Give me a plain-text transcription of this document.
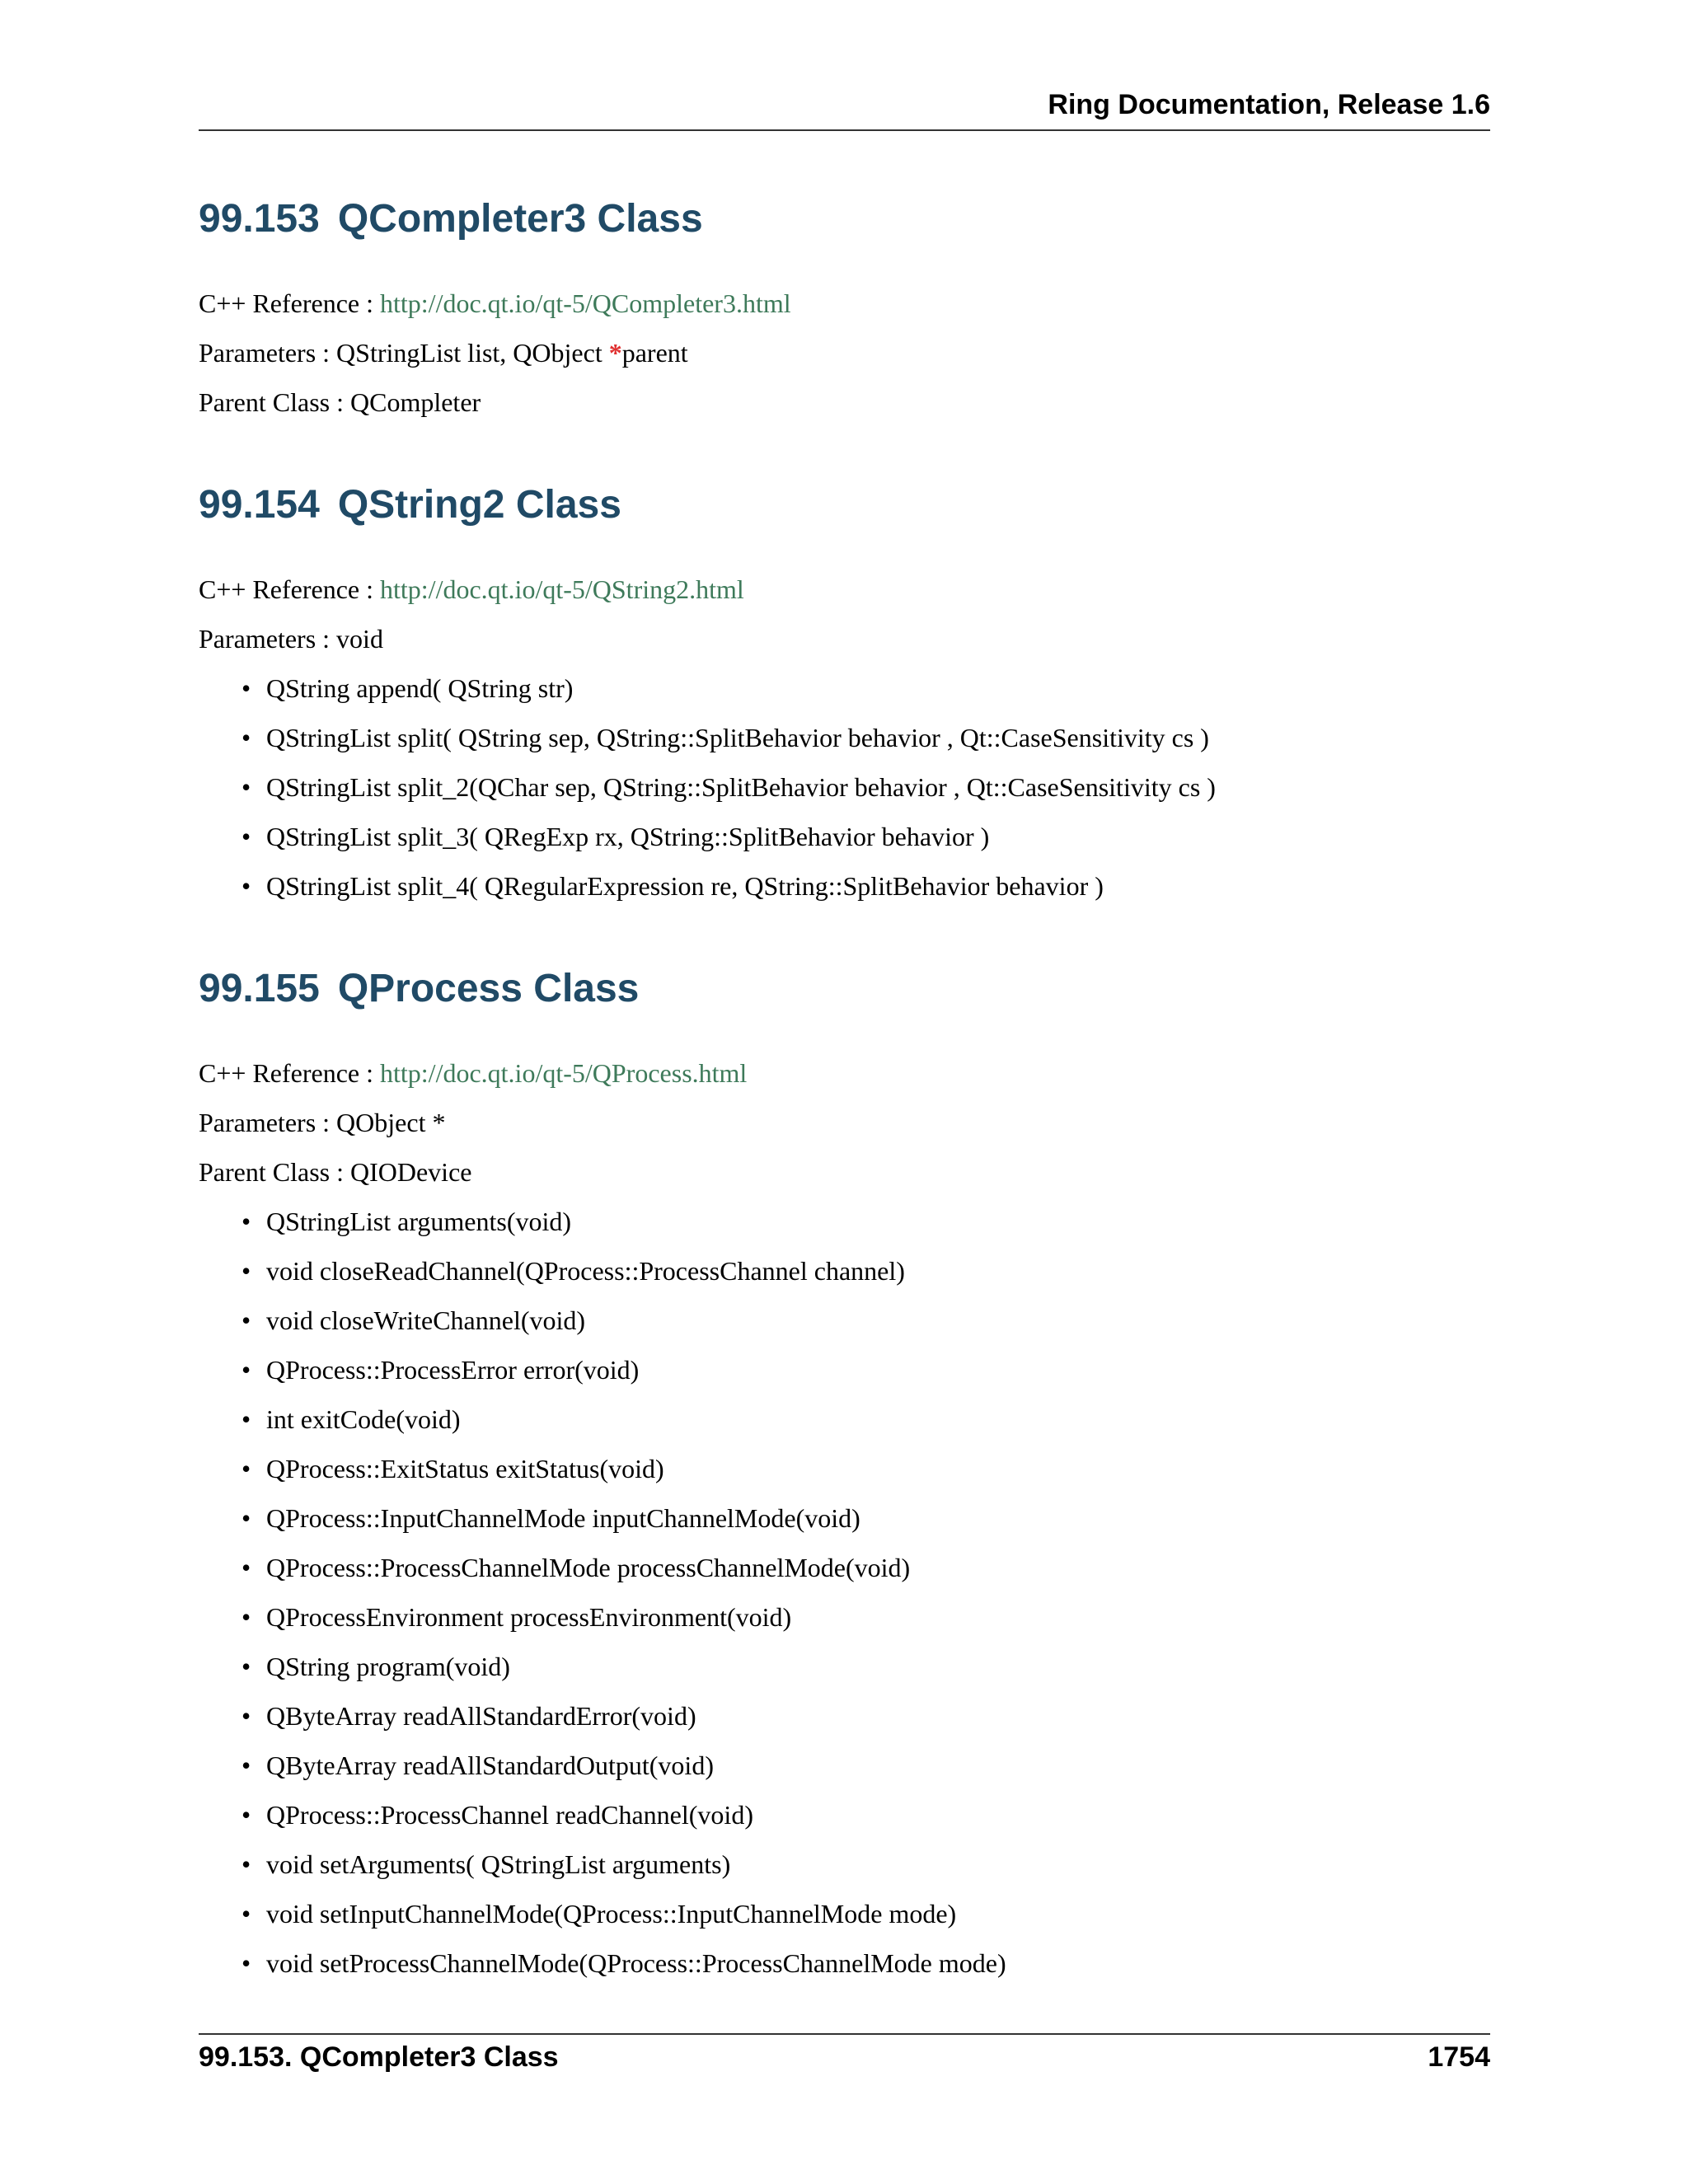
Ring Documentation, Release 1.6
99.153 QCompleter3 Class

C++ Reference : http://doc.qt.io/qt-5/QCompleter3.html

Parameters : QStringList list, QObject *parent

Parent Class : QCompleter

99.154 QString2 Class

C++ Reference : http://doc.qt.io/qt-5/QString2.html

Parameters : void

• QString append( QString str)
• QStringList split( QString sep, QString::SplitBehavior behavior , Qt::CaseSensitivity cs )
• QStringList split_2(QChar sep, QString::SplitBehavior behavior , Qt::CaseSensitivity cs )
• QStringList split_3( QRegExp rx, QString::SplitBehavior behavior )
• QStringList split_4( QRegularExpression re, QString::SplitBehavior behavior )
99.155 QProcess Class

C++ Reference : http://doc.qt.io/qt-5/QProcess.html

Parameters : QObject *

Parent Class : QIODevice

• QStringList arguments(void)
• void closeReadChannel(QProcess::ProcessChannel channel)
• void closeWriteChannel(void)
• QProcess::ProcessError error(void)
• int exitCode(void)
• QProcess::ExitStatus exitStatus(void)
• QProcess::InputChannelMode inputChannelMode(void)
• QProcess::ProcessChannelMode processChannelMode(void)
• QProcessEnvironment processEnvironment(void)
• QString program(void)
• QByteArray readAllStandardError(void)
• QByteArray readAllStandardOutput(void)
• QProcess::ProcessChannel readChannel(void)
• void setArguments( QStringList arguments)
• void setInputChannelMode(QProcess::InputChannelMode mode)
• void setProcessChannelMode(QProcess::ProcessChannelMode mode)
99.153. QCompleter3 Class	1754
